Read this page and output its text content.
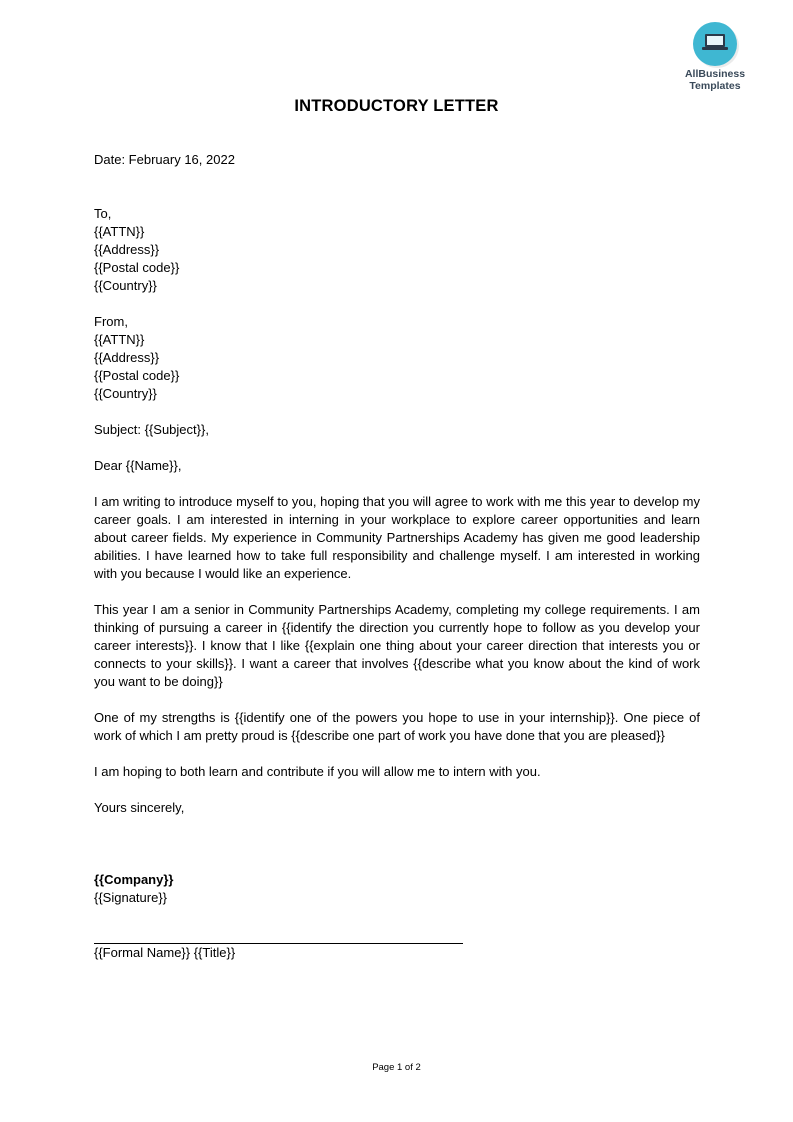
AllBusiness
Templates
INTRODUCTORY LETTER
Date: February 16, 2022
To,
{{ATTN}}
{{Address}}
{{Postal code}}
{{Country}}
From,
{{ATTN}}
{{Address}}
{{Postal code}}
{{Country}}
Subject: {{Subject}},
Dear {{Name}},

I am writing to introduce myself to you, hoping that you will agree to work with me this year to develop my career goals. I am interested in interning in your workplace to explore career opportunities and learn about career fields. My experience in Community Partnerships Academy has given me good leadership abilities. I have learned how to take full responsibility and challenge myself. I am interested in working with you because I would like an experience.

This year I am a senior in Community Partnerships Academy, completing my college requirements. I am thinking of pursuing a career in {{identify the direction you currently hope to follow as you develop your career interests}}. I know that I like {{explain one thing about your career direction that interests you or connects to your skills}}. I want a career that involves {{describe what you know about the kind of work you want to be doing}}

One of my strengths is {{identify one of the powers you hope to use in your internship}}. One piece of work of which I am pretty proud is {{describe one part of work you have done that you are pleased}}

I am hoping to both learn and contribute if you will allow me to intern with you.

Yours sincerely,
{{Company}}
{{Signature}}
{{Formal Name}} {{Title}}
Page 1 of 2
